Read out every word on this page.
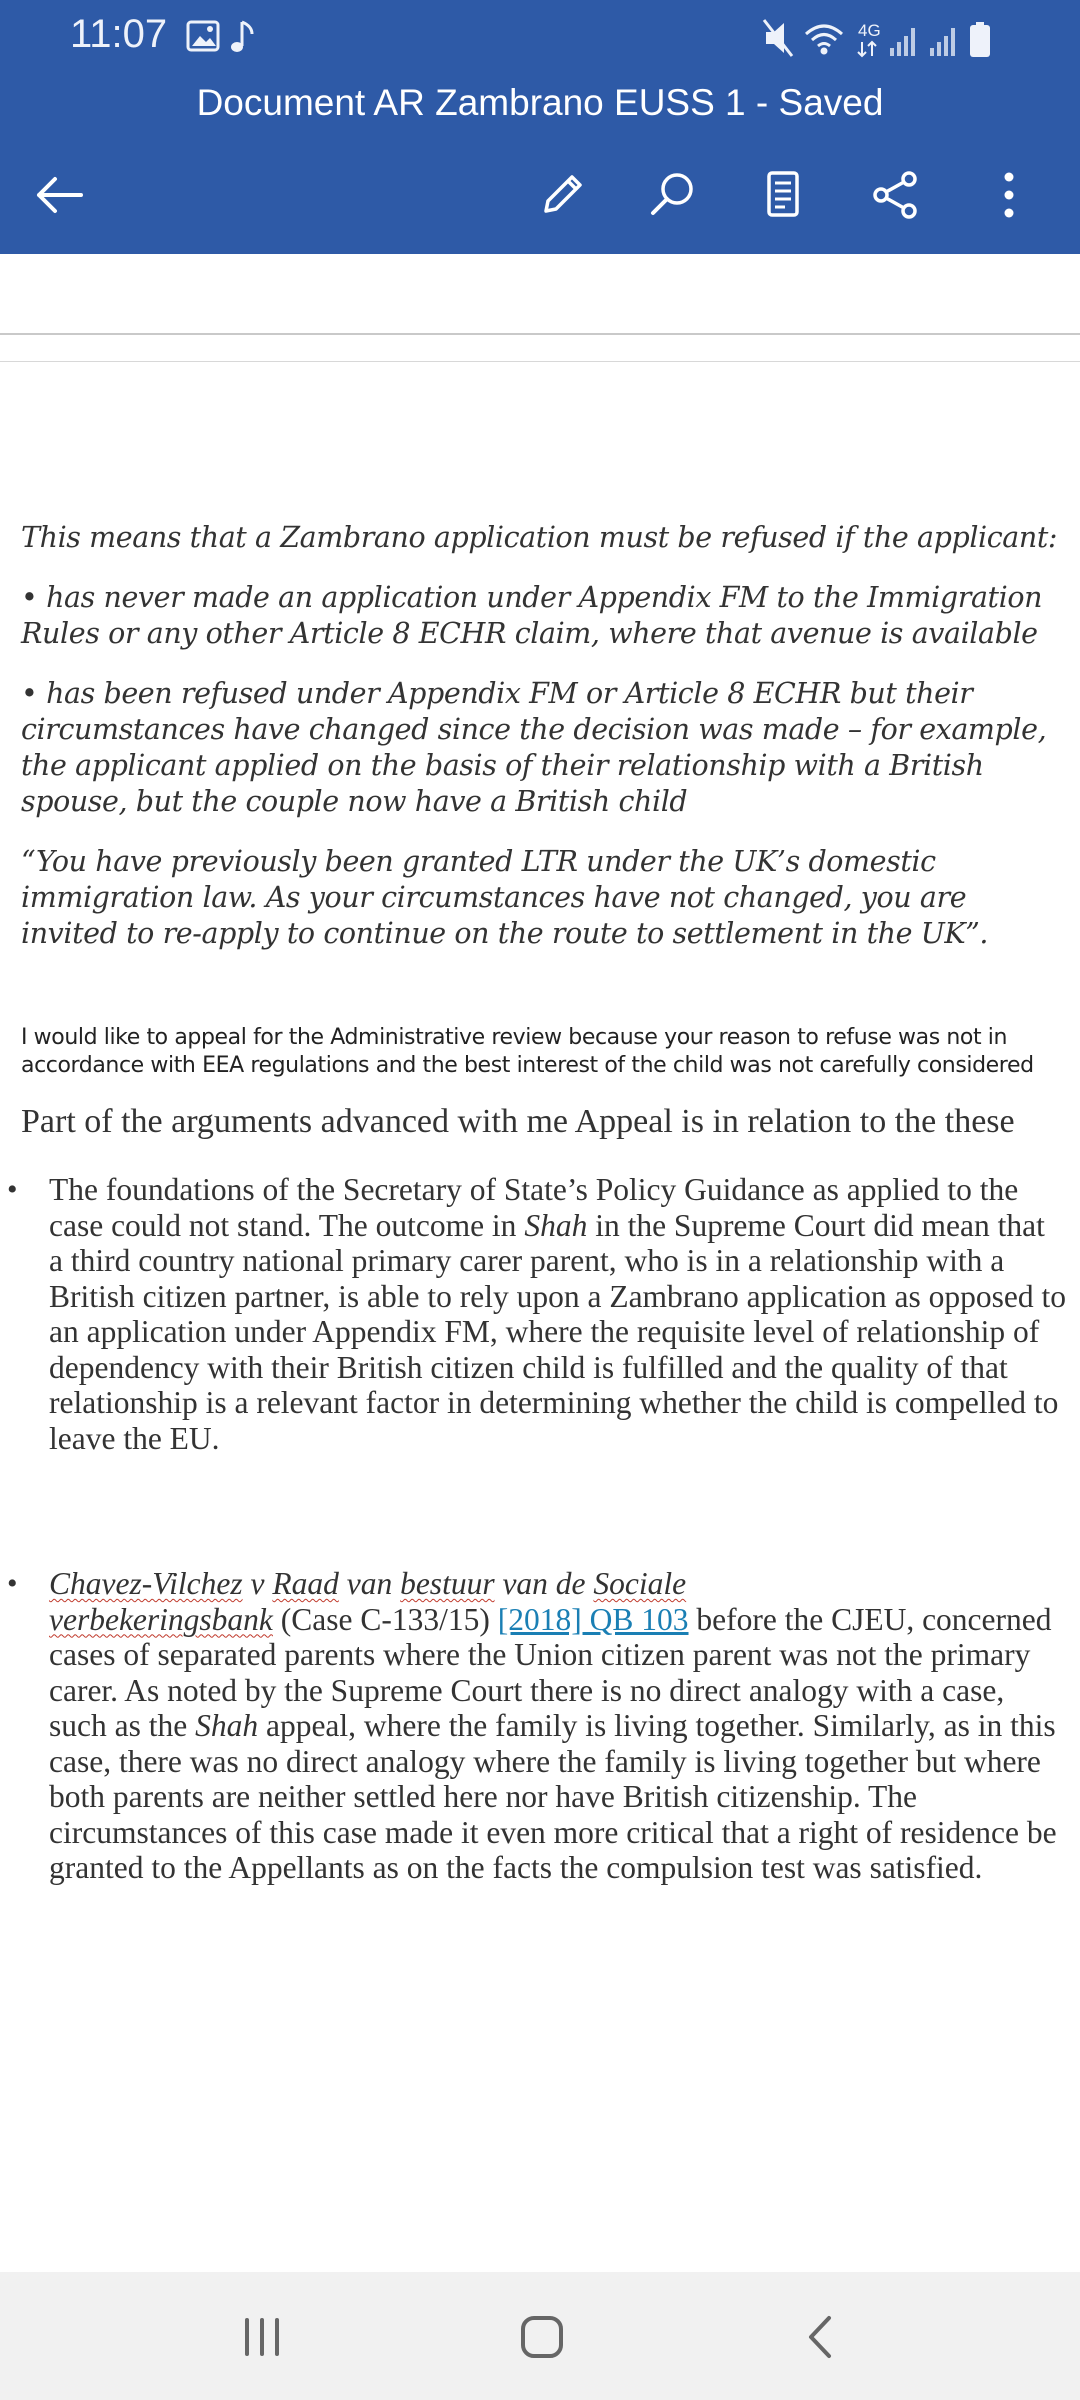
11:07	4G
Document AR Zambrano EUSS 1 - Saved

This means that a Zambrano application must be refused if the applicant:

• has never made an application under Appendix FM to the Immigration Rules or any other Article 8 ECHR claim, where that avenue is available

• has been refused under Appendix FM or Article 8 ECHR but their circumstances have changed since the decision was made – for example, the applicant applied on the basis of their relationship with a British spouse, but the couple now have a British child

“You have previously been granted LTR under the UK’s domestic immigration law. As your circumstances have not changed, you are invited to re-apply to continue on the route to settlement in the UK”.

I would like to appeal for the Administrative review because your reason to refuse was not in accordance with EEA regulations and the best interest of the child was not carefully considered

Part of the arguments advanced with me Appeal is in relation to the these

• The foundations of the Secretary of State’s Policy Guidance as applied to the case could not stand. The outcome in Shah in the Supreme Court did mean that a third country national primary carer parent, who is in a relationship with a British citizen partner, is able to rely upon a Zambrano application as opposed to an application under Appendix FM, where the requisite level of relationship of dependency with their British citizen child is fulfilled and the quality of that relationship is a relevant factor in determining whether the child is compelled to leave the EU.

• Chavez-Vilchez v Raad van bestuur van de Sociale
verbekeringsbank (Case C-133/15) [2018] QB 103 before the CJEU, concerned cases of separated parents where the Union citizen parent was not the primary carer. As noted by the Supreme Court there is no direct analogy with a case, such as the Shah appeal, where the family is living together. Similarly, as in this case, there was no direct analogy where the family is living together but where both parents are neither settled here nor have British citizenship. The circumstances of this case made it even more critical that a right of residence be granted to the Appellants as on the facts the compulsion test was satisfied.
